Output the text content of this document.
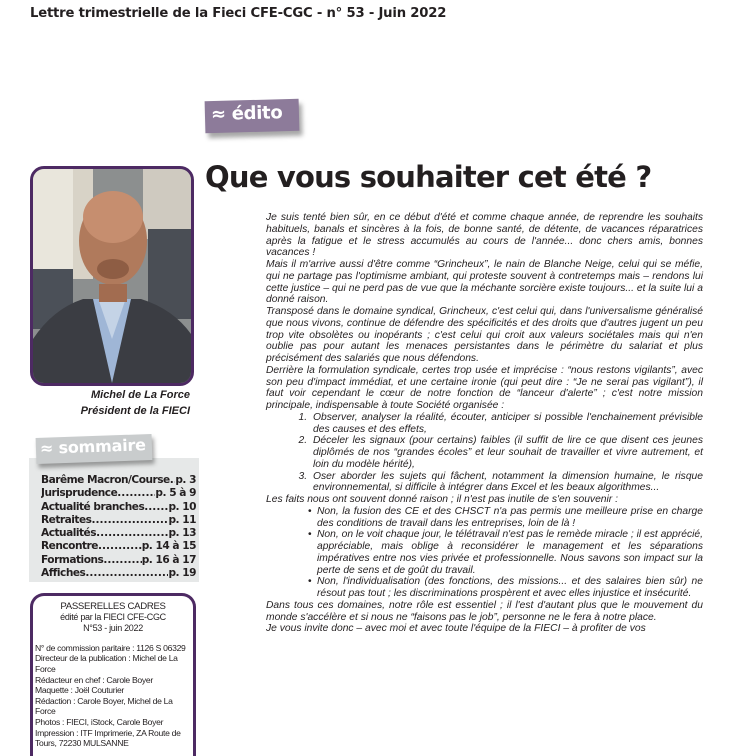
Lettre trimestrielle de la Fieci CFE-CGC - n° 53 - Juin 2022
≈ édito
Que vous souhaiter cet été ?
Michel de La Force
Président de la FIECI
≈ sommaire
Barême Macron/Course ..... p. 3
Jurisprudence .....	p. 5 à 9
Actualité branches ..... p. 10
Retraites .....	p. 11
Actualités .....	p. 13
Rencontre .....	p. 14 à 15
Formations .....	p. 16 à 17
Affiches .....	p. 19
PASSERELLES CADRES
édité par la FIECI CFE-CGC
N°53 - juin 2022
N° de commission paritaire : 1126 S 06329
Directeur de la publication : Michel de La Force
Rédacteur en chef : Carole Boyer
Maquette : Joël Couturier
Rédaction : Carole Boyer, Michel de La Force
Photos : FIECI, iStock, Carole Boyer
Impression : ITF Imprimerie, ZA Route de Tours, 72230 MULSANNE

Je suis tenté bien sûr, en ce début d'été et comme chaque année, de reprendre les souhaits habituels, banals et sincères à la fois, de bonne santé, de détente, de vacances réparatrices après la fatigue et le stress accumulés au cours de l'année... donc chers amis, bonnes vacances !

Mais il m'arrive aussi d'être comme “Grincheux”, le nain de Blanche Neige, celui qui se méfie, qui ne partage pas l'optimisme ambiant, qui proteste souvent à contretemps mais – rendons lui cette justice – qui ne perd pas de vue que la méchante sorcière existe toujours... et la suite lui a donné raison.

Transposé dans le domaine syndical, Grincheux, c'est celui qui, dans l'universalisme généralisé que nous vivons, continue de défendre des spécificités et des droits que d'autres jugent un peu trop vite obsolètes ou inopérants ; c'est celui qui croit aux valeurs sociétales mais qui n'en oublie pas pour autant les menaces persistantes dans le périmètre du salariat et plus précisément des salariés que nous défendons.

Derrière la formulation syndicale, certes trop usée et imprécise : “nous restons vigilants”, avec son peu d'impact immédiat, et une certaine ironie (qui peut dire : “Je ne serai pas vigilant”), il faut voir cependant le cœur de notre fonction de “lanceur d'alerte” ; c'est notre mission principale, indispensable à toute Société organisée :

1. Observer, analyser la réalité, écouter, anticiper si possible l'enchainement prévisible des causes et des effets,
2. Déceler les signaux (pour certains) faibles (il suffit de lire ce que disent ces jeunes diplômés de nos “grandes écoles” et leur souhait de travailler et vivre autrement, et loin du modèle hérité),
3. Oser aborder les sujets qui fâchent, notamment la dimension humaine, le risque environnemental, si difficile à intégrer dans Excel et les beaux algorithmes...

Les faits nous ont souvent donné raison ; il n'est pas inutile de s'en souvenir :

• Non, la fusion des CE et des CHSCT n'a pas permis une meilleure prise en charge des conditions de travail dans les entreprises, loin de là !
• Non, on le voit chaque jour, le télétravail n'est pas le remède miracle ; il est apprécié, appréciable, mais oblige à reconsidérer le management et les séparations impératives entre nos vies privée et professionnelle. Nous savons son impact sur la perte de sens et de goût du travail.
• Non, l'individualisation (des fonctions, des missions... et des salaires bien sûr) ne résout pas tout ; les discriminations prospèrent et avec elles injustice et insécurité.

Dans tous ces domaines, notre rôle est essentiel ; il l'est d'autant plus que le mouvement du monde s'accélère et si nous ne “faisons pas le job”, personne ne le fera à notre place.

Je vous invite donc – avec moi et avec toute l'équipe de la FIECI – à profiter de vos
